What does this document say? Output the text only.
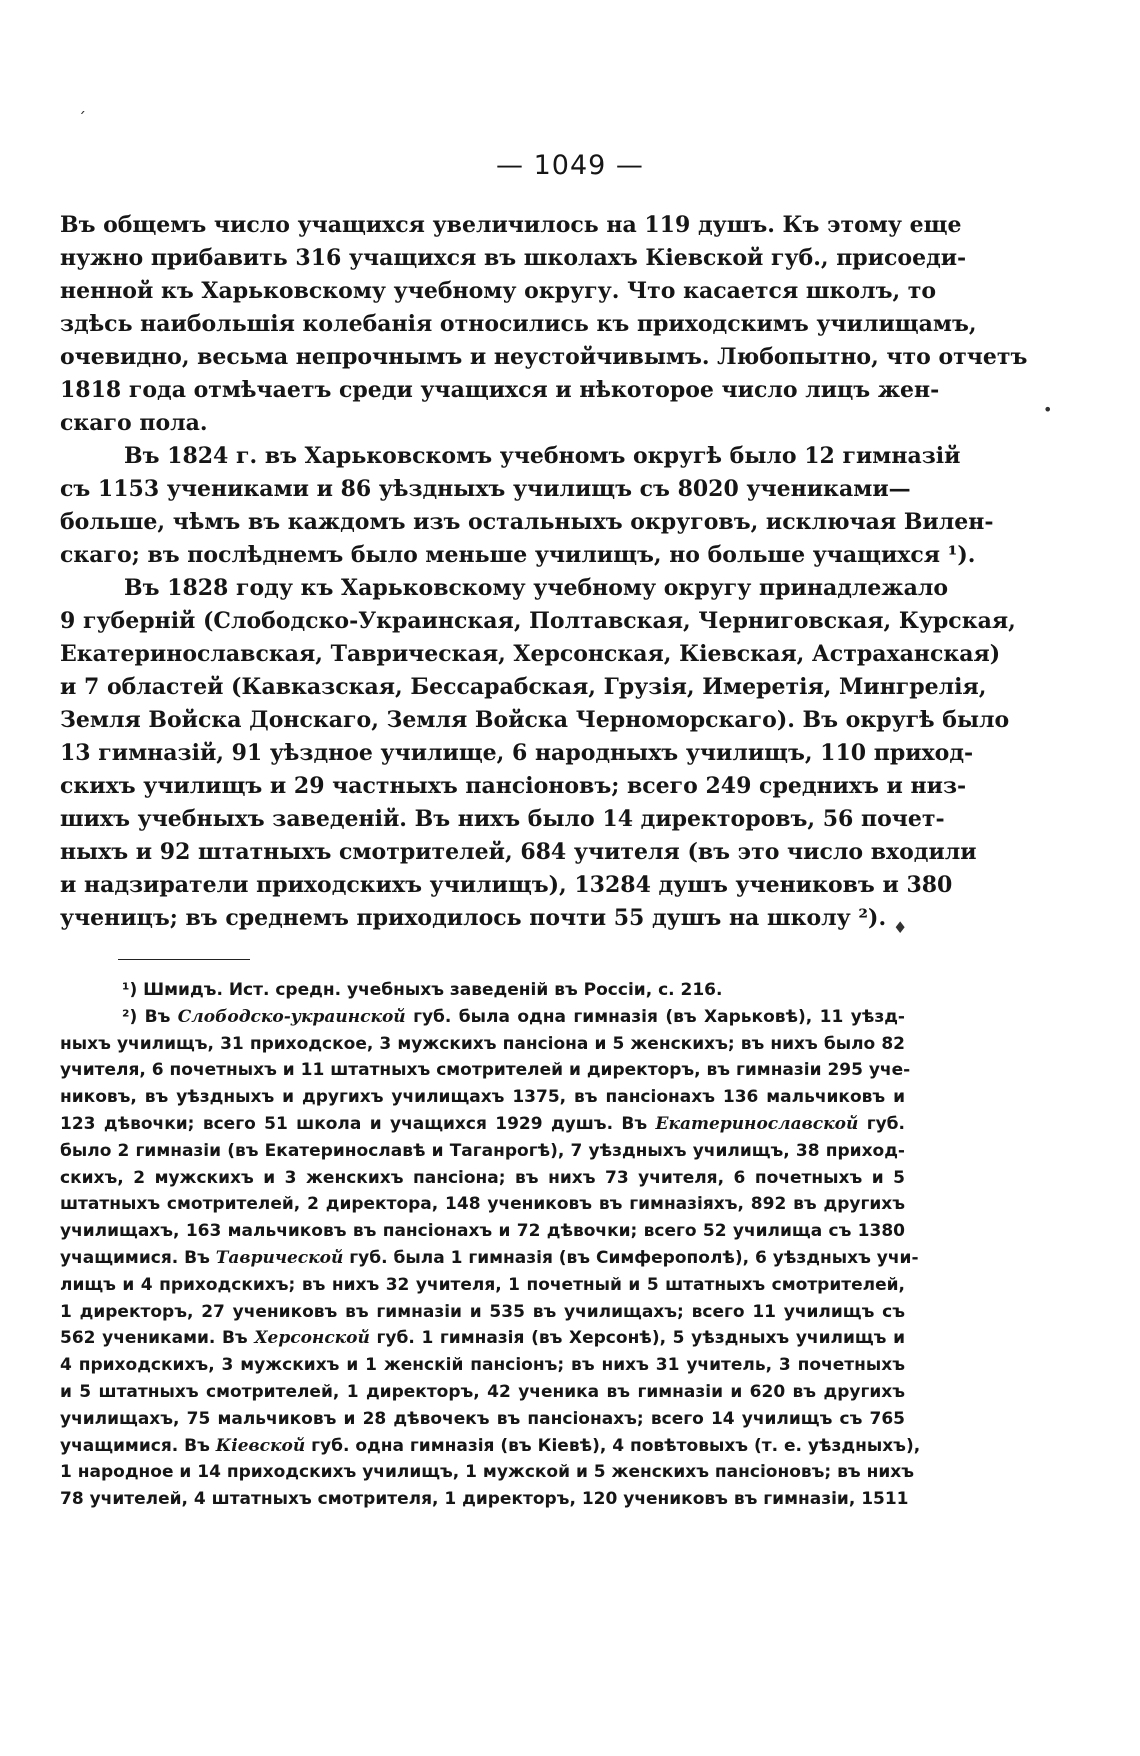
— 1049 —
Въ общемъ число учащихся увеличилось на 119 душъ. Къ этому еще
нужно прибавить 316 учащихся въ школахъ Кіевской губ., присоеди-
ненной къ Харьковскому учебному округу. Что касается школъ, то
здѣсь наибольшія колебанія относились къ приходскимъ училищамъ,
очевидно, весьма непрочнымъ и неустойчивымъ. Любопытно, что отчетъ
1818 года отмѣчаетъ среди учащихся и нѣкоторое число лицъ жен-
скаго пола.
Въ 1824 г. въ Харьковскомъ учебномъ округѣ было 12 гимназій
съ 1153 учениками и 86 уѣздныхъ училищъ съ 8020 учениками—
больше, чѣмъ въ каждомъ изъ остальныхъ округовъ, исключая Вилен-
скаго; въ послѣднемъ было меньше училищъ, но больше учащихся ¹).
Въ 1828 году къ Харьковскому учебному округу принадлежало
9 губерній (Слободско-Украинская, Полтавская, Черниговская, Курская,
Екатеринославская, Таврическая, Херсонская, Кіевская, Астраханская)
и 7 областей (Кавказская, Бессарабская, Грузія, Имеретія, Мингрелія,
Земля Войска Донскаго, Земля Войска Черноморскаго). Въ округѣ было
13 гимназій, 91 уѣздное училище, 6 народныхъ училищъ, 110 приход-
скихъ училищъ и 29 частныхъ пансіоновъ; всего 249 среднихъ и низ-
шихъ учебныхъ заведеній. Въ нихъ было 14 директоровъ, 56 почет-
ныхъ и 92 штатныхъ смотрителей, 684 учителя (въ это число входили
и надзиратели приходскихъ училищъ), 13284 душъ учениковъ и 380
ученицъ; въ среднемъ приходилось почти 55 душъ на школу ²).
¹) Шмидъ. Ист. средн. учебныхъ заведеній въ Россіи, с. 216.
²) Въ Слободско-украинской губ. была одна гимназія (въ Харьковѣ), 11 уѣзд-
ныхъ училищъ, 31 приходское, 3 мужскихъ пансіона и 5 женскихъ; въ нихъ было 82
учителя, 6 почетныхъ и 11 штатныхъ смотрителей и директоръ, въ гимназіи 295 уче-
никовъ, въ уѣздныхъ и другихъ училищахъ 1375, въ пансіонахъ 136 мальчиковъ и
123 дѣвочки; всего 51 школа и учащихся 1929 душъ. Въ Екатеринославской губ.
было 2 гимназіи (въ Екатеринославѣ и Таганрогѣ), 7 уѣздныхъ училищъ, 38 приход-
скихъ, 2 мужскихъ и 3 женскихъ пансіона; въ нихъ 73 учителя, 6 почетныхъ и 5
штатныхъ смотрителей, 2 директора, 148 учениковъ въ гимназіяхъ, 892 въ другихъ
училищахъ, 163 мальчиковъ въ пансіонахъ и 72 дѣвочки; всего 52 училища съ 1380
учащимися. Въ Таврической губ. была 1 гимназія (въ Симферополѣ), 6 уѣздныхъ учи-
лищъ и 4 приходскихъ; въ нихъ 32 учителя, 1 почетный и 5 штатныхъ смотрителей,
1 директоръ, 27 учениковъ въ гимназіи и 535 въ училищахъ; всего 11 училищъ съ
562 учениками. Въ Херсонской губ. 1 гимназія (въ Херсонѣ), 5 уѣздныхъ училищъ и
4 приходскихъ, 3 мужскихъ и 1 женскій пансіонъ; въ нихъ 31 учитель, 3 почетныхъ
и 5 штатныхъ смотрителей, 1 директоръ, 42 ученика въ гимназіи и 620 въ другихъ
училищахъ, 75 мальчиковъ и 28 дѣвочекъ въ пансіонахъ; всего 14 училищъ съ 765
учащимися. Въ Кіевской губ. одна гимназія (въ Кіевѣ), 4 повѣтовыхъ (т. е. уѣздныхъ),
1 народное и 14 приходскихъ училищъ, 1 мужской и 5 женскихъ пансіоновъ; въ нихъ
78 учителей, 4 штатныхъ смотрителя, 1 директоръ, 120 учениковъ въ гимназіи, 1511
ˏ
•
♦
